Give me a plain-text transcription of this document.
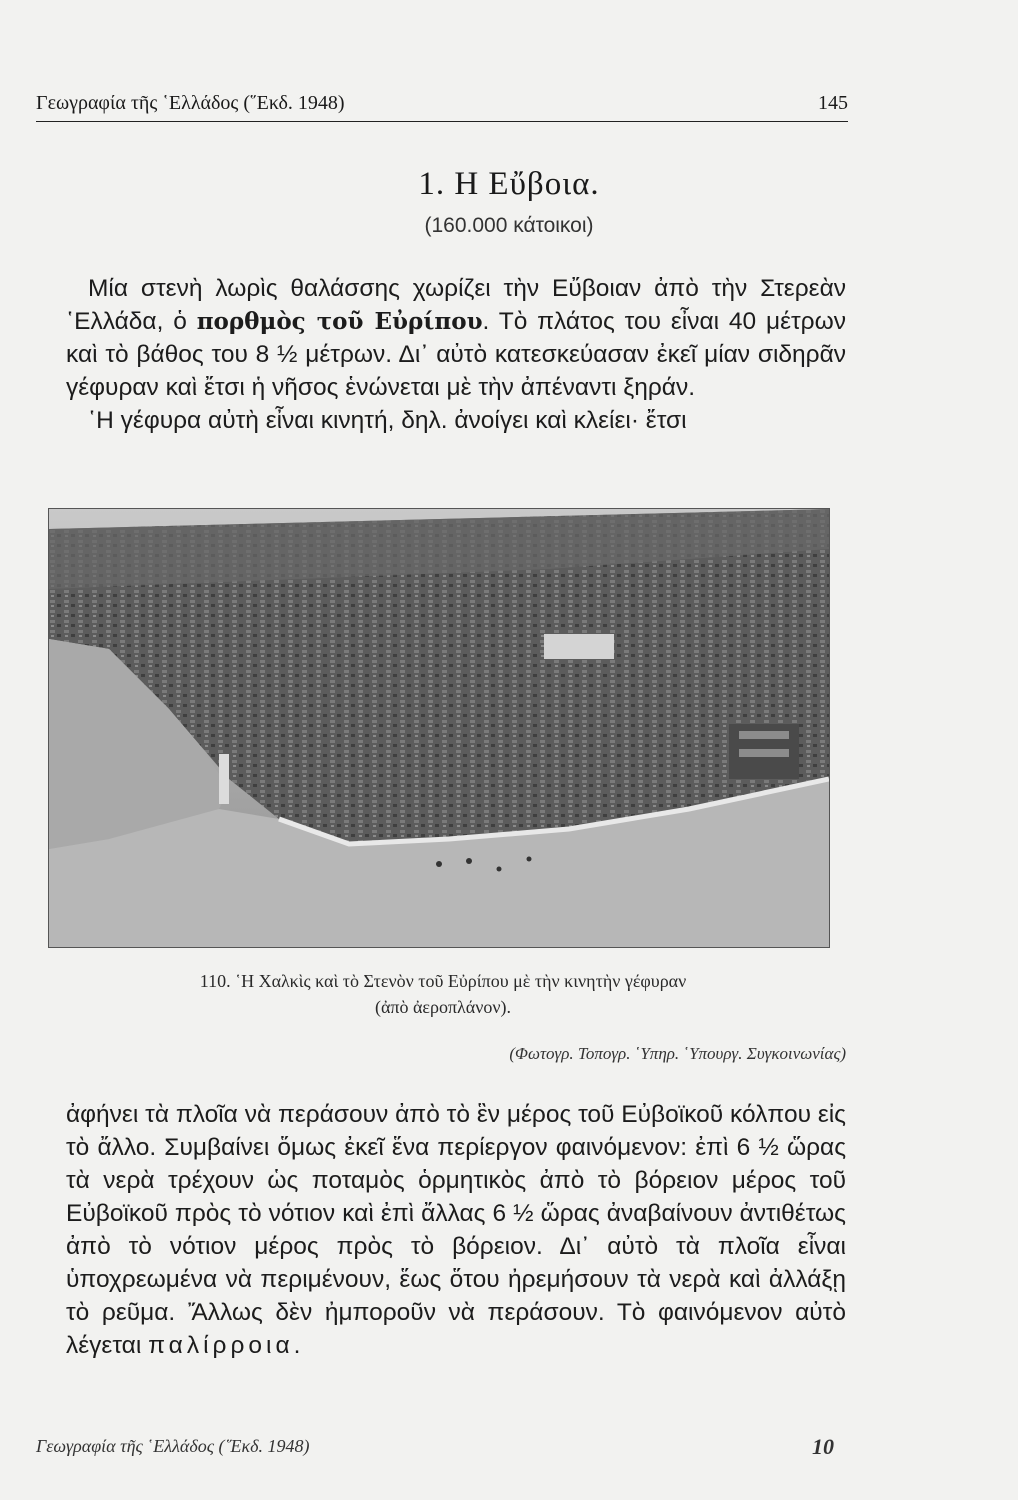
Γεωγραφία τῆς ῾Ελλάδος (῞Εκδ. 1948)	145
1. Η Εὔβοια.
(160.000 κάτοικοι)

Μία στενὴ λωρὶς θαλάσσης χωρίζει τὴν Εὔβοιαν ἀπὸ τὴν Στερεὰν ῾Ελλάδα, ὁ πορθμὸς τοῦ Εὐρίπου. Τὸ πλάτος του εἶναι 40 μέτρων καὶ τὸ βάθος του 8 ½ μέτρων. Δι᾿ αὐτὸ κατεσκεύασαν ἐκεῖ μίαν σιδηρᾶν γέφυραν καὶ ἔτσι ἡ νῆσος ἑνώνεται μὲ τὴν ἀπέναντι ξηράν.

῾Η γέφυρα αὐτὴ εἶναι κινητή, δηλ. ἀνοίγει καὶ κλείει· ἔτσι

110. ῾Η Χαλκὶς καὶ τὸ Στενὸν τοῦ Εὐρίπου μὲ τὴν κινητὴν γέφυραν
(ἀπὸ ἀεροπλάνον).
(Φωτογρ. Τοπογρ. ῾Υπηρ. ῾Υπουργ. Συγκοινωνίας)

ἀφήνει τὰ πλοῖα νὰ περάσουν ἀπὸ τὸ ἓν μέρος τοῦ Εὐβοϊκοῦ κόλπου εἰς τὸ ἄλλο. Συμβαίνει ὅμως ἐκεῖ ἕνα περίεργον φαινόμενον: ἐπὶ 6 ½ ὥρας τὰ νερὰ τρέχουν ὡς ποταμὸς ὁρμητικὸς ἀπὸ τὸ βόρειον μέρος τοῦ Εὐβοϊκοῦ πρὸς τὸ νότιον καὶ ἐπὶ ἄλλας 6 ½ ὥρας ἀναβαίνουν ἀντιθέτως ἀπὸ τὸ νότιον μέρος πρὸς τὸ βόρειον. Δι᾿ αὐτὸ τὰ πλοῖα εἶναι ὑποχρεωμένα νὰ περιμένουν, ἕως ὅτου ἠρεμήσουν τὰ νερὰ καὶ ἀλλάξῃ τὸ ρεῦμα. Ἄλλως δὲν ἠμποροῦν νὰ περάσουν. Τὸ φαινόμενον αὐτὸ λέγεται παλίρροια.

Γεωγραφία τῆς ῾Ελλάδος (῞Εκδ. 1948)	10
